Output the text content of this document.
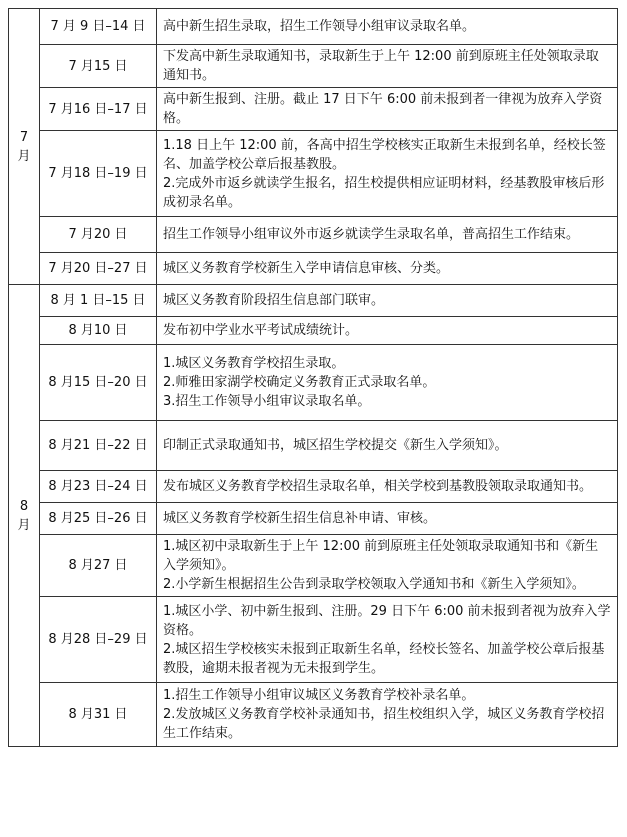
7
月	7 月 9 日–14 日	高中新生招生录取，招生工作领导小组审议录取名单。

	7 月15 日	下发高中新生录取通知书，录取新生于上午 12:00 前到原班主任处领取录取通知书。

	7 月16 日–17 日	高中新生报到、注册。截止 17 日下午 6:00 前未报到者一律视为放弃入学资格。

	7 月18 日–19 日	1.18 日上午 12:00 前，各高中招生学校核实正取新生未报到名单，经校长签名、加盖学校公章后报基教股。
2.完成外市返乡就读学生报名，招生校提供相应证明材料，经基教股审核后形成初录名单。

	7 月20 日	招生工作领导小组审议外市返乡就读学生录取名单，普高招生工作结束。

	7 月20 日–27 日	城区义务教育学校新生入学申请信息审核、分类。

8
月	8 月 1 日–15 日	城区义务教育阶段招生信息部门联审。

	8 月10 日	发布初中学业水平考试成绩统计。

	8 月15 日–20 日	1.城区义务教育学校招生录取。
2.师雅田家湖学校确定义务教育正式录取名单。
3.招生工作领导小组审议录取名单。

	8 月21 日–22 日	印制正式录取通知书，城区招生学校提交《新生入学须知》。

	8 月23 日–24 日	发布城区义务教育学校招生录取名单，相关学校到基教股领取录取通知书。

	8 月25 日–26 日	城区义务教育学校新生招生信息补申请、审核。

	8 月27 日	1.城区初中录取新生于上午 12:00 前到原班主任处领取录取通知书和《新生入学须知》。
2.小学新生根据招生公告到录取学校领取入学通知书和《新生入学须知》。

	8 月28 日–29 日	1.城区小学、初中新生报到、注册。29 日下午 6:00 前未报到者视为放弃入学资格。
2.城区招生学校核实未报到正取新生名单，经校长签名、加盖学校公章后报基教股，逾期未报者视为无未报到学生。

	8 月31 日	1.招生工作领导小组审议城区义务教育学校补录名单。
2.发放城区义务教育学校补录通知书，招生校组织入学，城区义务教育学校招生工作结束。
